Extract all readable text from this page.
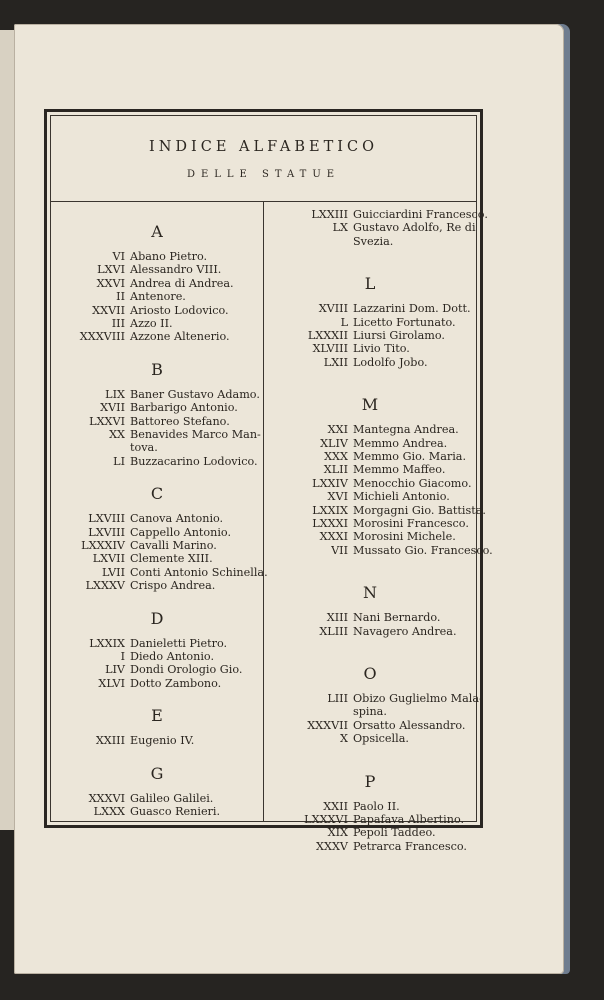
INDICE ALFABETICO
DELLE STATUE
A
VI Abano Pietro.
LXVI Alessandro VIII.
XXVI Andrea di Andrea.
II Antenore.
XXVII Ariosto Lodovico.
III Azzo II.
XXXVIII Azzone Altenerio.
B
LIX Baner Gustavo Adamo.
XVII Barbarigo Antonio.
LXXVI Battoreo Stefano.
XX Benavides Marco Man-
tova.
LI Buzzacarino Lodovico.
C
LXVIII Canova Antonio.
LXVIII Cappello Antonio.
LXXXIV Cavalli Marino.
LXVII Clemente XIII.
LVII Conti Antonio Schinella.
LXXXV Crispo Andrea.
D
LXXIX Danieletti Pietro.
I Diedo Antonio.
LIV Dondi Orologio Gio.
XLVI Dotto Zambono.
E
XXIII Eugenio IV.
G
XXXVI Galileo Galilei.
LXXX Guasco Renieri.
LXXIII Guicciardini Francesco.
LX Gustavo Adolfo, Re di
Svezia.
L
XVIII Lazzarini Dom. Dott.
L Licetto Fortunato.
LXXXII Liursi Girolamo.
XLVIII Livio Tito.
LXII Lodolfo Jobo.
M
XXI Mantegna Andrea.
XLIV Memmo Andrea.
XXX Memmo Gio. Maria.
XLII Memmo Maffeo.
LXXIV Menocchio Giacomo.
XVI Michieli Antonio.
LXXIX Morgagni Gio. Battista.
LXXXI Morosini Francesco.
XXXI Morosini Michele.
VII Mussato Gio. Francesco.
N
XIII Nani Bernardo.
XLIII Navagero Andrea.
O
LIII Obizo Guglielmo Mala-
spina.
XXXVII Orsatto Alessandro.
X Opsicella.
P
XXII Paolo II.
LXXXVI Papafava Albertino.
XIX Pepoli Taddeo.
XXXV Petrarca Francesco.
